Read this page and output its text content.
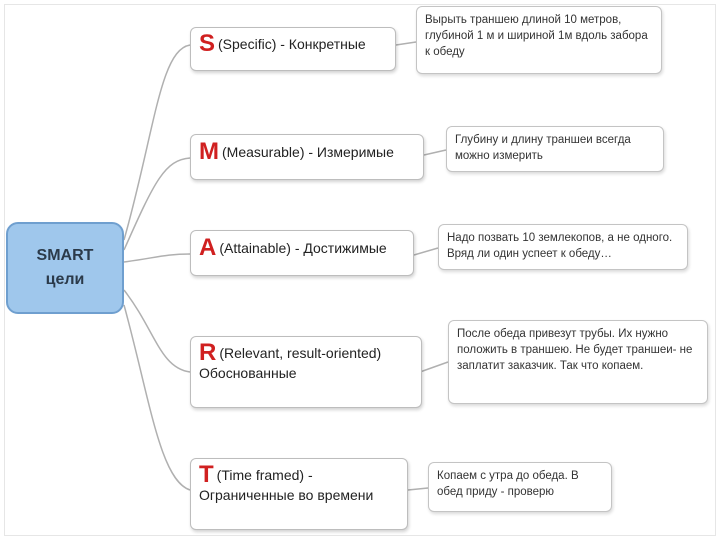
SMART
цели
S (Specific) - Конкретные
Вырыть траншею длиной 10 метров, глубиной 1 м и шириной 1м вдоль забора к обеду
M (Measurable) - Измеримые
Глубину и длину траншеи всегда можно измерить
A (Attainable) - Достижимые
Надо позвать 10 землекопов, а не одного. Вряд ли один успеет к обеду…
R (Relevant, result-oriented) Обоснованные
После обеда привезут трубы. Их нужно положить в траншею. Не будет траншеи- не заплатит заказчик. Так что копаем.
T (Time framed) - Ограниченные во времени
Копаем с утра до обеда. В обед приду - проверю
